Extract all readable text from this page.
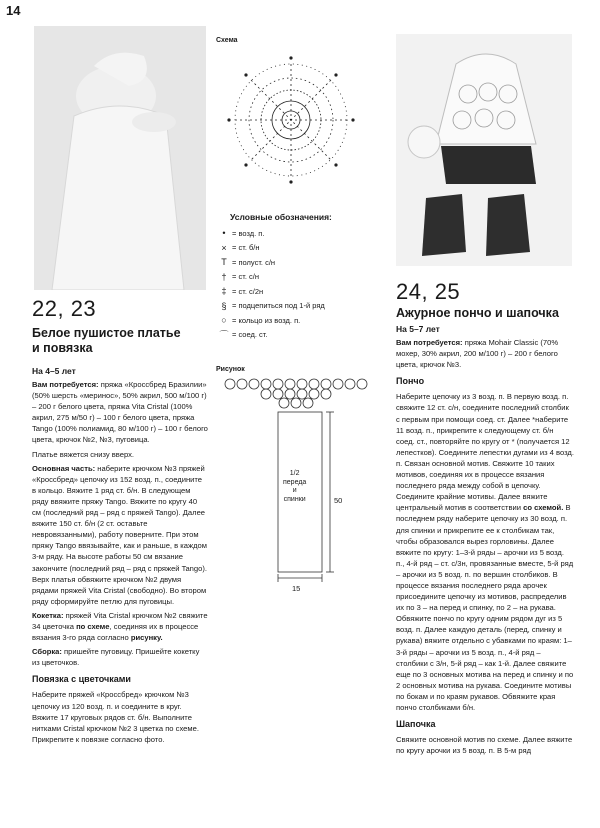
14
22, 23
Белое пушистое платье
и повязка
На 4–5 лет

Вам потребуется: пряжа «Кроссбред Бразилии» (50% шерсть «меринос», 50% акрил, 500 м/100 г) – 200 г белого цвета, пряжа Vita Cristal (100% акрил, 275 м/50 г) – 100 г белого цвета, пряжа Tango (100% полиамид, 80 м/100 г) – 100 г белого цвета, крючок №2, №3, пуговица.

Платье вяжется снизу вверх.

Основная часть: наберите крючком №3 пряжей «Кроссбред» цепочку из 152 возд. п., соедините в кольцо. Вяжите 1 ряд ст. б/н. В следующем ряду ввяжите пряжу Tango. Вяжите по кругу 40 см (последний ряд – ряд с пряжей Tango). Далее вяжите 150 ст. б/н (2 ст. оставьте невровязанными), работу поверните. При этом пряжу Tango ввязывайте, как и раньше, в каждом 3-м ряду. На высоте работы 50 см вязание закончите (последний ряд – ряд с пряжей Tango). Верх платья обвяжите крючком №2 двумя рядами пряжей Vita Cristal (свободно). Во втором ряду сформируйте петлю для пуговицы.

Кокетка: пряжей Vita Cristal крючком №2 свяжите 34 цветочка по схеме, соединяя их в процессе вязания 3-го ряда согласно рисунку.

Сборка: пришейте пуговицу. Пришейте кокетку из цветочков.

Повязка с цветочками

Наберите пряжей «Кроссбред» крючком №3 цепочку из 120 возд. п. и соедините в круг. Вяжите 17 круговых рядов ст. б/н. Выполните нитками Cristal крючком №2 3 цветка по схеме. Прикрепите к повязке согласно фото.

Схема
Условные обозначения:
• = возд. п.
× = ст. б/н
T = полуст. с/н
† = ст. с/н
‡ = ст. с/2н
§ = подцепиться под 1-й ряд
○ = кольцо из возд. п.
⌒ = соед. ст.
Рисунок
1/2
переда
и
спинки	50
15
24, 25
Ажурное пончо и шапочка
На 5–7 лет

Вам потребуется: пряжа Mohair Classic (70% мохер, 30% акрил, 200 м/100 г) – 200 г белого цвета, крючок №3.

Пончо

Наберите цепочку из 3 возд. п. В первую возд. п. свяжите 12 ст. с/н, соедините последний столбик с первым при помощи соед. ст. Далее *наберите 11 возд. п., прикрепите к следующему ст. б/н соед. ст., повторяйте по кругу от * (получается 12 лепестков). Соедините лепестки дугами из 4 возд. п. Связан основной мотив. Свяжите 10 таких мотивов, соединяя их в процессе вязания последнего ряда между собой в цепочку. Соедините крайние мотивы. Далее вяжите центральный мотив в соответствии со схемой. В последнем ряду наберите цепочку из 30 возд. п. для спинки и прикрепите ее к столбикам так, чтобы образовался вырез горловины. Далее вяжите по кругу: 1–3-й ряды – арочки из 5 возд. п., 4-й ряд – ст. с/3н, провязанные вместе, 5-й ряд – арочки из 5 возд. п. по вершин столбиков. В процессе вязания последнего ряда арочек присоедините цепочку из мотивов, распределив их по 3 – на перед и спинку, по 2 – на рукава. Обвяжите пончо по кругу одним рядом дуг из 5 возд. п. Далее каждую деталь (перед, спинку и рукава) вяжите отдельно с убавками по краям: 1–3-й ряды – арочки из 5 возд. п., 4-й ряд – столбики с 3/н, 5-й ряд – как 1-й. Далее свяжите еще по 3 основных мотива на перед и спинку и по 2 основных мотива на рукава. Соедините мотивы по бокам и по краям рукавов. Обвяжите края пончо столбиками б/н.

Шапочка

Свяжите основной мотив по схеме. Далее вяжите по кругу арочки из 5 возд. п. В 5-м ряд
